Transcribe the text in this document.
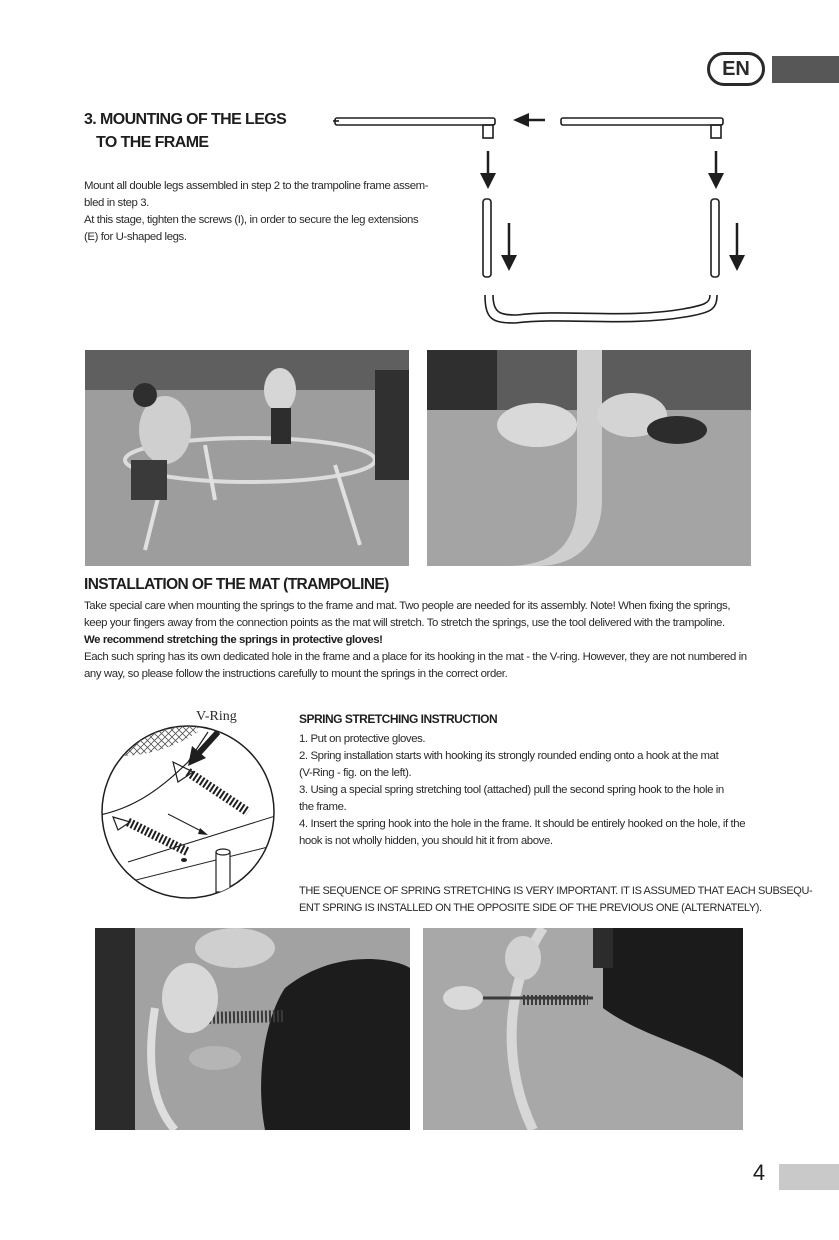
EN
3. MOUNTING OF THE LEGS
TO THE FRAME
Mount all double legs assembled in step 2 to the trampoline frame assem-
bled in step 3.
At this stage, tighten the screws (I), in order to secure the leg extensions
(E) for U-shaped legs.
INSTALLATION OF THE MAT (TRAMPOLINE)
Take special care when mounting the springs to the frame and mat. Two people are needed for its assembly. Note! When fixing the springs,
keep your fingers away from the connection points as the mat will stretch. To stretch the springs, use the tool delivered with the trampoline.
We recommend stretching the springs in protective gloves!
Each such spring has its own dedicated hole in the frame and a place for its hooking in the mat - the V-ring. However, they are not numbered in
any way, so please follow the instructions carefully to mount the springs in the correct order.
V-Ring	SPRING STRETCHING INSTRUCTION
1. Put on protective gloves.
2. Spring installation starts with hooking its strongly rounded ending onto a hook at the mat
(V-Ring - fig. on the left).
3. Using a special spring stretching tool (attached) pull the second spring hook to the hole in
the frame.
4. Insert the spring hook into the hole in the frame. It should be entirely hooked on the hole, if the
hook is not wholly hidden, you should hit it from above.
THE SEQUENCE OF SPRING STRETCHING IS VERY IMPORTANT. IT IS ASSUMED THAT EACH SUBSEQU-
ENT SPRING IS INSTALLED ON THE OPPOSITE SIDE OF THE PREVIOUS ONE (ALTERNATELY).
4
